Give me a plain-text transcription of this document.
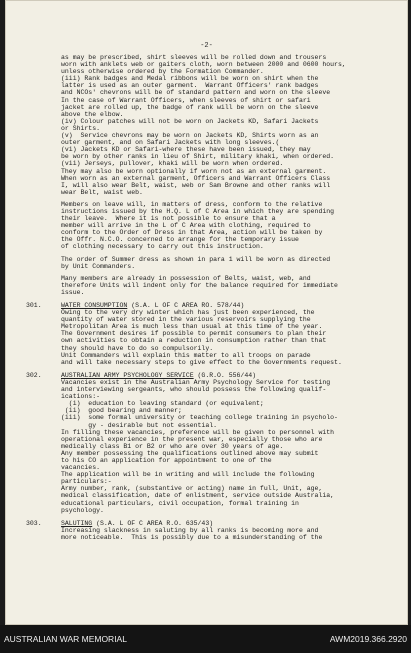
-2-
as may be prescribed, shirt sleeves will be rolled down and trousers
worn with anklets web or gaiters cloth, worn between 2000 and 0600 hours,
unless otherwise ordered by the Formation Commander.
(iii) Rank badges and Medal ribbons will be worn on shirt when the
latter is used as an outer garment.  Warrant Officers' rank badges
and NCOs' chevrons will be of standard pattern and worn on the sleeve
In the case of Warrant Officers, when sleeves of shirt or safari
jacket are rolled up, the badge of rank will be worn on the sleeve
above the elbow.
(iv) Colour patches will not be worn on Jackets KD, Safari Jackets
or Shirts.
(v)  Service chevrons may be worn on Jackets KD, Shirts worn as an
outer garment, and on Safari Jackets with long sleeves.(
(vi) Jackets KD or Safari-where these have been issued, they may
be worn by other ranks in lieu of Shirt, military khaki, when ordered.
(vii) Jerseys, pullover, khaki will be worn when ordered.
They may also be worn optionally if worn not as an external garment.
When worn as an external garment, Officers and Warrant Officers Class
I, will also wear Belt, waist, web or Sam Browne and other ranks will
wear Belt, waist web.
Members on leave will, in matters of dress, conform to the relative
instructions issued by the H.Q. L of C Area in which they are spending
their leave.  Where it is not possible to ensure that a
member will arrive in the L of C Area with clothing, required to
conform to the Order of Dress in that Area, action will be taken by
the Offr. N.C.O. concerned to arrange for the temporary issue
of clothing necessary to carry out this instruction.
The order of Summer dress as shown in para 1 will be worn as directed
by Unit Commanders.
Many members are already in possession of Belts, waist, web, and
therefore Units will indent only for the balance required for immediate
issue.
301.	WATER CONSUMPTION (S.A. L OF C AREA RO. 578/44)
Owing to the very dry winter which has just been experienced, the
quantity of water stored in the various reservoirs supplying the
Metropolitan Area is much less than usual at this time of the year.
The Government desires if possible to permit consumers to plan their
own activities to obtain a reduction in consumption rather than that
they should have to do so compulsorily.
Unit Commanders will explain this matter to all troops on parade
and will take necessary steps to give effect to the Governments request.
302.	AUSTRALIAN ARMY PSYCHOLOGY SERVICE (G.R.O. 556/44)
Vacancies exist in the Australian Army Psychology Service for testing
and interviewing sergeants, who should possess the following qualif-
ications:-
(i)  education to leaving standard (or equivalent;
(ii)  good bearing and manner;
(iii)  some formal university or teaching college training in psycholo-
gy - desirable but not essential.
In filling these vacancies, preference will be given to personnel with
operational experience in the present war, especially those who are
medically class B1 or B2 or who are over 30 years of age.
Any member possessing the qualifications outlined above may submit
to his CO an application for appointment to one of the
vacancies.
The application will be in writing and will include the following
particulars:-
Army number, rank, (substantive or acting) name in full, Unit, age,
medical classification, date of enlistment, service outside Australia,
educational particulars, civil occupation, formal training in
psychology.
303.	SALUTING (S.A. L OF C AREA R.O. 635/43)
Increasing slackness in saluting by all ranks is becoming more and
more noticeable.  This is possibly due to a misunderstanding of the
AUSTRALIAN WAR MEMORIAL	AWM2019.366.2920
